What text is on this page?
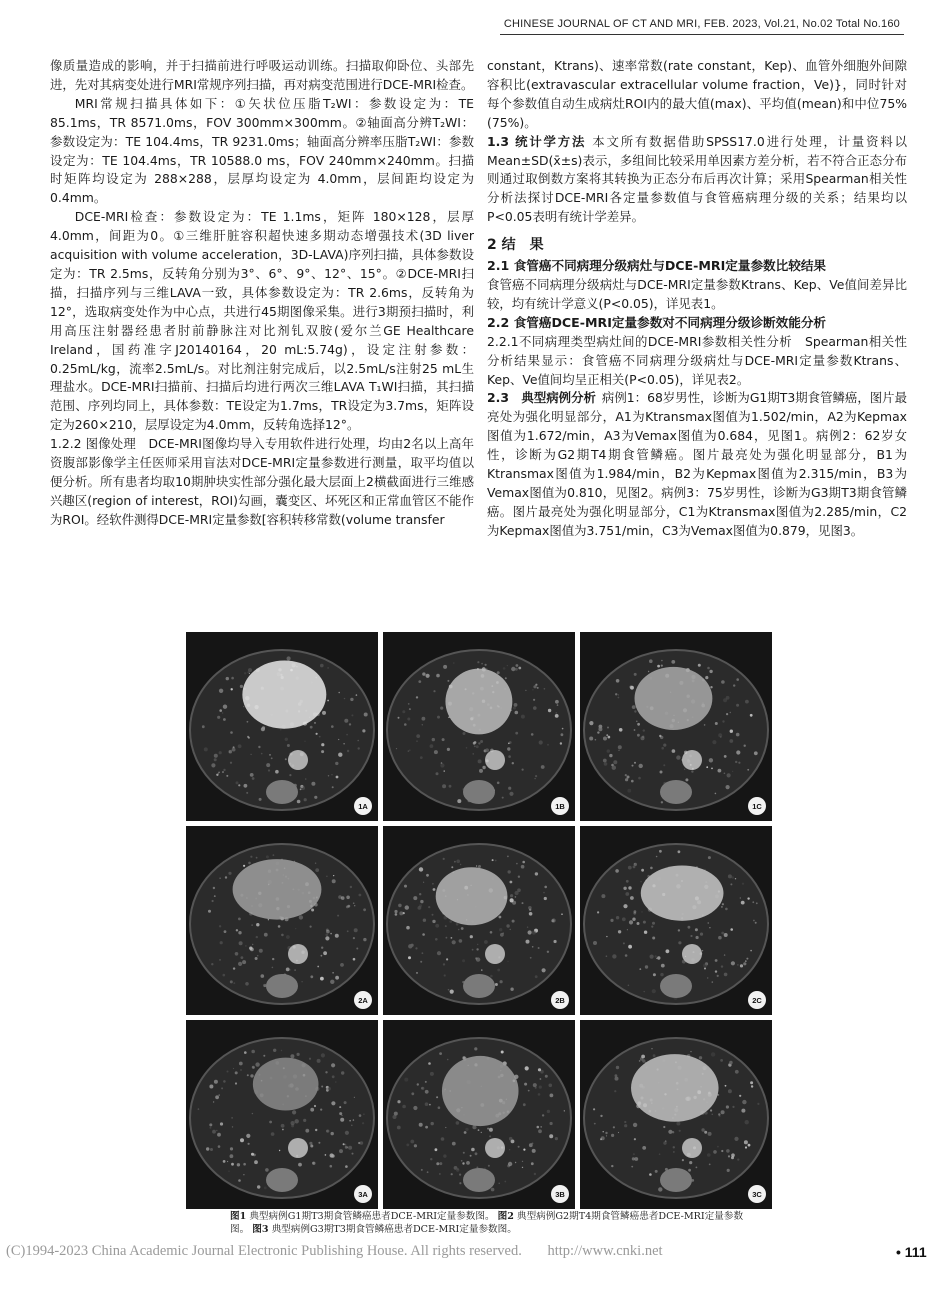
CHINESE JOURNAL OF CT AND MRI, FEB. 2023, Vol.21, No.02 Total No.160

像质量造成的影响，并于扫描前进行呼吸运动训练。扫描取仰卧位、头部先进，先对其病变处进行MRI常规序列扫描，再对病变范围进行DCE-MRI检查。

MRI常规扫描具体如下：①矢状位压脂T₂WI：参数设定为：TE 85.1ms，TR 8571.0ms，FOV 300mm×300mm。②轴面高分辨T₂WI：参数设定为：TE 104.4ms，TR 9231.0ms；轴面高分辨率压脂T₂WI：参数设定为：TE 104.4ms，TR 10588.0 ms，FOV 240mm×240mm。扫描时矩阵均设定为 288×288，层厚均设定为 4.0mm，层间距均设定为 0.4mm。

DCE-MRI检查：参数设定为：TE 1.1ms，矩阵 180×128，层厚 4.0mm，间距为0。①三维肝脏容积超快速多期动态增强技术(3D liver acquisition with volume acceleration，3D-LAVA)序列扫描，具体参数设定为：TR 2.5ms，反转角分别为3°、6°、9°、12°、15°。②DCE-MRI扫描，扫描序列与三维LAVA一致，具体参数设定为：TR 2.6ms，反转角为12°，选取病变处作为中心点，共进行45期图像采集。进行3期预扫描时，利用高压注射器经患者肘前静脉注对比剂钆双胺(爱尔兰GE Healthcare Ireland，国药准字J20140164，20 mL:5.74g)，设定注射参数：0.25mL/kg，流率2.5mL/s。对比剂注射完成后，以2.5mL/s注射25 mL生理盐水。DCE-MRI扫描前、扫描后均进行两次三维LAVA T₁WI扫描，其扫描范围、序列均同上，具体参数：TE设定为1.7ms，TR设定为3.7ms，矩阵设定为260×210，层厚设定为4.0mm，反转角选择12°。

1.2.2 图像处理　DCE-MRI图像均导入专用软件进行处理，均由2名以上高年资腹部影像学主任医师采用盲法对DCE-MRI定量参数进行测量，取平均值以便分析。所有患者均取10期肿块实性部分强化最大层面上2横截面进行三维感兴趣区(region of interest，ROI)勾画，囊变区、坏死区和正常血管区不能作为ROI。经软件测得DCE-MRI定量参数[容积转移常数(volume transfer

constant，Ktrans)、速率常数(rate constant，Kep)、血管外细胞外间隙容积比(extravascular extracellular volume fraction，Ve)}，同时针对每个参数值自动生成病灶ROI内的最大值(max)、平均值(mean)和中位75%(75%)。

1.3 统计学方法 本文所有数据借助SPSS17.0进行处理，计量资料以Mean±SD(x̄±s)表示，多组间比较采用单因素方差分析，若不符合正态分布则通过取倒数方案将其转换为正态分布后再次计算；采用Spearman相关性分析法探讨DCE-MRI各定量参数值与食管癌病理分级的关系；结果均以P<0.05表明有统计学差异。

2 结　果

2.1 食管癌不同病理分级病灶与DCE-MRI定量参数比较结果

食管癌不同病理分级病灶与DCE-MRI定量参数Ktrans、Kep、Ve值间差异比较，均有统计学意义(P<0.05)，详见表1。

2.2 食管癌DCE-MRI定量参数对不同病理分级诊断效能分析

2.2.1不同病理类型病灶间的DCE-MRI参数相关性分析　Spearman相关性分析结果显示：食管癌不同病理分级病灶与DCE-MRI定量参数Ktrans、Kep、Ve值间均呈正相关(P<0.05)，详见表2。

2.3　典型病例分析 病例1：68岁男性，诊断为G1期T3期食管鳞癌，图片最亮处为强化明显部分，A1为Ktransmax图值为1.502/min，A2为Kepmax图值为1.672/min，A3为Vemax图值为0.684，见图1。病例2：62岁女性，诊断为G2期T4期食管鳞癌。图片最亮处为强化明显部分，B1为Ktransmax图值为1.984/min，B2为Kepmax图值为2.315/min，B3为Vemax图值为0.810，见图2。病例3：75岁男性，诊断为G3期T3期食管鳞癌。图片最亮处为强化明显部分，C1为Ktransmax图值为2.285/min，C2为Kepmax图值为3.751/min，C3为Vemax图值为0.879，见图3。

1A	1B	1C
2A	2B	2C
3A	3B	3C
图1 典型病例G1期T3期食管鳞癌患者DCE-MRI定量参数图。 图2 典型病例G2期T4期食管鳞癌患者DCE-MRI定量参数图。 图3 典型病例G3期T3期食管鳞癌患者DCE-MRI定量参数图。
(C)1994-2023 China Academic Journal Electronic Publishing House. All rights reserved. http://www.cnki.net	• 111
